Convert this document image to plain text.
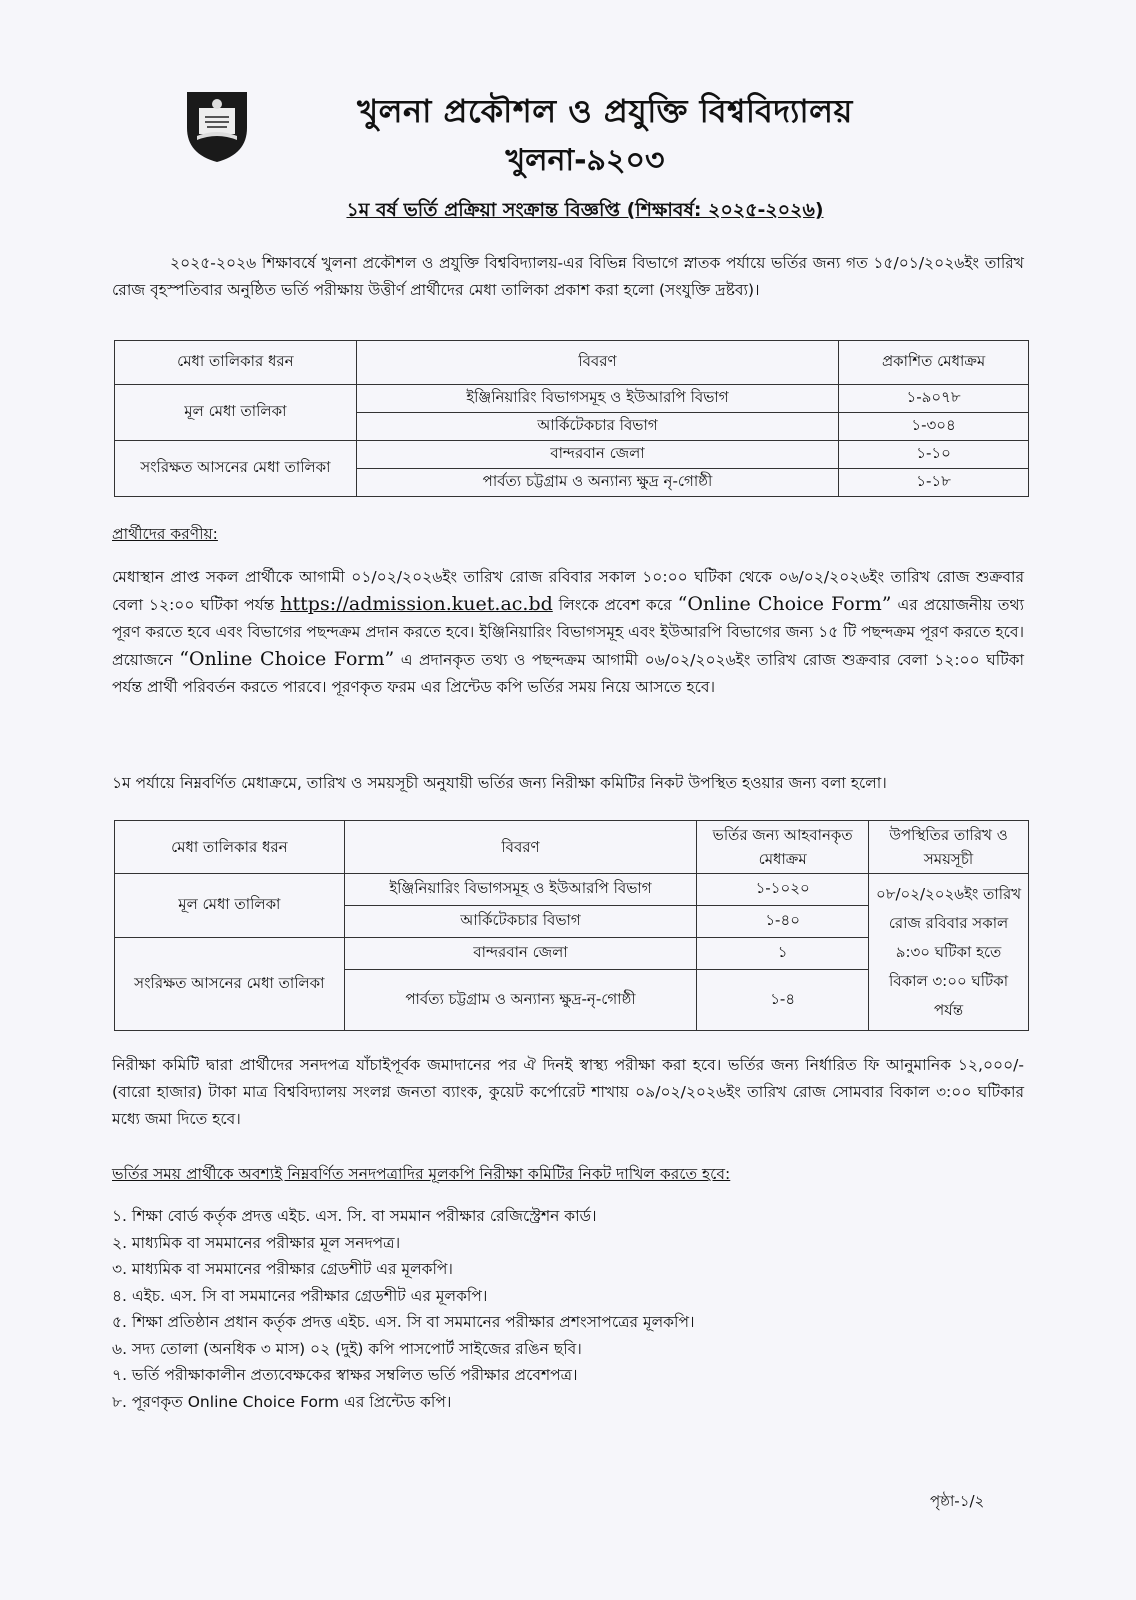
খুলনা প্রকৌশল ও প্রযুক্তি বিশ্ববিদ্যালয়
খুলনা-৯২০৩
১ম বর্ষ ভর্তি প্রক্রিয়া সংক্রান্ত বিজ্ঞপ্তি (শিক্ষাবর্ষ: ২০২৫-২০২৬)
২০২৫-২০২৬ শিক্ষাবর্ষে খুলনা প্রকৌশল ও প্রযুক্তি বিশ্ববিদ্যালয়-এর বিভিন্ন বিভাগে স্নাতক পর্যায়ে ভর্তির জন্য গত ১৫/০১/২০২৬ইং তারিখ রোজ বৃহস্পতিবার অনুষ্ঠিত ভর্তি পরীক্ষায় উত্তীর্ণ প্রার্থীদের মেধা তালিকা প্রকাশ করা হলো (সংযুক্তি দ্রষ্টব্য)।
মেধা তালিকার ধরন	বিবরণ	প্রকাশিত মেধাক্রম
মূল মেধা তালিকা	ইঞ্জিনিয়ারিং বিভাগসমূহ ও ইউআরপি বিভাগ	১-৯০৭৮
	আর্কিটেকচার বিভাগ	১-৩০৪
সংরিক্ষত আসনের মেধা তালিকা	বান্দরবান জেলা	১-১০
	পার্বত্য চট্টগ্রাম ও অন্যান্য ক্ষুদ্র নৃ-গোষ্ঠী	১-১৮
প্রার্থীদের করণীয়:
মেধাস্থান প্রাপ্ত সকল প্রার্থীকে আগামী ০১/০২/২০২৬ইং তারিখ রোজ রবিবার সকাল ১০:০০ ঘটিকা থেকে ০৬/০২/২০২৬ইং তারিখ রোজ শুক্রবার বেলা ১২:০০ ঘটিকা পর্যন্ত https://admission.kuet.ac.bd লিংকে প্রবেশ করে “Online Choice Form” এর প্রয়োজনীয় তথ্য পূরণ করতে হবে এবং বিভাগের পছন্দক্রম প্রদান করতে হবে। ইঞ্জিনিয়ারিং বিভাগসমূহ এবং ইউআরপি বিভাগের জন্য ১৫ টি পছন্দক্রম পূরণ করতে হবে। প্রয়োজনে “Online Choice Form” এ প্রদানকৃত তথ্য ও পছন্দক্রম আগামী ০৬/০২/২০২৬ইং তারিখ রোজ শুক্রবার বেলা ১২:০০ ঘটিকা পর্যন্ত প্রার্থী পরিবর্তন করতে পারবে। পূরণকৃত ফরম এর প্রিন্টেড কপি ভর্তির সময় নিয়ে আসতে হবে।
১ম পর্যায়ে নিম্নবর্ণিত মেধাক্রমে, তারিখ ও সময়সূচী অনুযায়ী ভর্তির জন্য নিরীক্ষা কমিটির নিকট উপস্থিত হওয়ার জন্য বলা হলো।
মেধা তালিকার ধরন	বিবরণ	ভর্তির জন্য আহবানকৃত মেধাক্রম	উপস্থিতির তারিখ ও সময়সূচী
মূল মেধা তালিকা	ইঞ্জিনিয়ারিং বিভাগসমূহ ও ইউআরপি বিভাগ	১-১০২০	০৮/০২/২০২৬ইং তারিখ রোজ রবিবার সকাল ৯:৩০ ঘটিকা হতে বিকাল ৩:০০ ঘটিকা পর্যন্ত
	আর্কিটেকচার বিভাগ	১-৪০	
সংরিক্ষত আসনের মেধা তালিকা	বান্দরবান জেলা	১	
	পার্বত্য চট্টগ্রাম ও অন্যান্য ক্ষুদ্র-নৃ-গোষ্ঠী	১-৪	
নিরীক্ষা কমিটি দ্বারা প্রার্থীদের সনদপত্র যাঁচাইপূর্বক জমাদানের পর ঐ দিনই স্বাস্থ্য পরীক্ষা করা হবে। ভর্তির জন্য নির্ধারিত ফি আনুমানিক ১২,০০০/- (বারো হাজার) টাকা মাত্র বিশ্ববিদ্যালয় সংলগ্ন জনতা ব্যাংক, কুয়েট কর্পোরেট শাখায় ০৯/০২/২০২৬ইং তারিখ রোজ সোমবার বিকাল ৩:০০ ঘটিকার মধ্যে জমা দিতে হবে।
ভর্তির সময় প্রার্থীকে অবশ্যই নিম্নবর্ণিত সনদপত্রাদির মূলকপি নিরীক্ষা কমিটির নিকট দাখিল করতে হবে:
১. শিক্ষা বোর্ড কর্তৃক প্রদত্ত এইচ. এস. সি. বা সমমান পরীক্ষার রেজিস্ট্রেশন কার্ড।
২. মাধ্যমিক বা সমমানের পরীক্ষার মূল সনদপত্র।
৩. মাধ্যমিক বা সমমানের পরীক্ষার গ্রেডশীট এর মূলকপি।
৪. এইচ. এস. সি বা সমমানের পরীক্ষার গ্রেডশীট এর মূলকপি।
৫. শিক্ষা প্রতিষ্ঠান প্রধান কর্তৃক প্রদত্ত এইচ. এস. সি বা সমমানের পরীক্ষার প্রশংসাপত্রের মূলকপি।
৬. সদ্য তোলা (অনধিক ৩ মাস) ০২ (দুই) কপি পাসপোর্ট সাইজের রঙিন ছবি।
৭. ভর্তি পরীক্ষাকালীন প্রত্যবেক্ষকের স্বাক্ষর সম্বলিত ভর্তি পরীক্ষার প্রবেশপত্র।
৮. পূরণকৃত Online Choice Form এর প্রিন্টেড কপি।
পৃষ্ঠা-১/২
